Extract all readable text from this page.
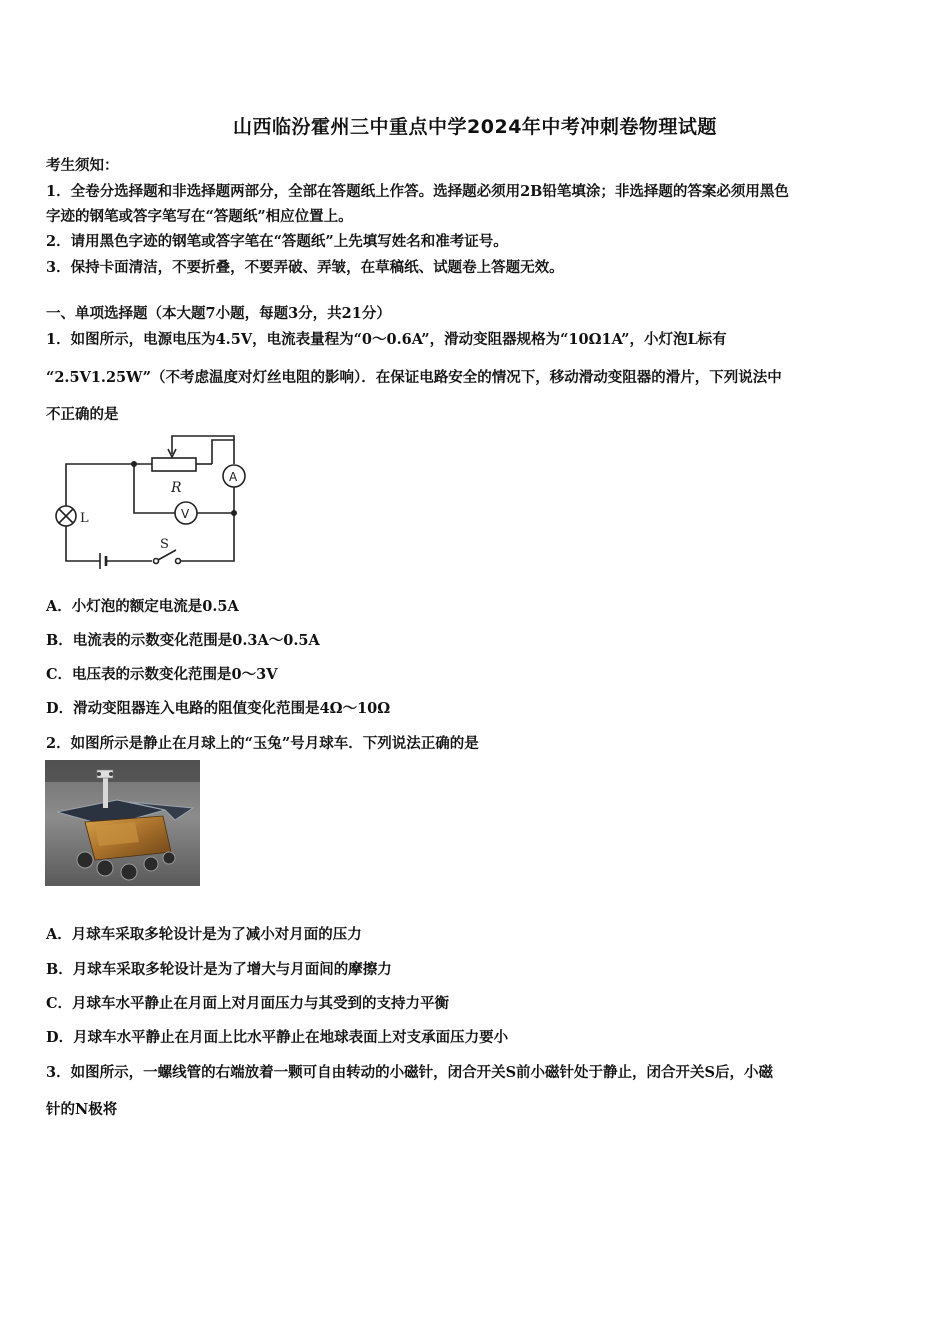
山西临汾霍州三中重点中学2024年中考冲刺卷物理试题
考生须知：
1．全卷分选择题和非选择题两部分，全部在答题纸上作答。选择题必须用2B铅笔填涂；非选择题的答案必须用黑色
字迹的钢笔或答字笔写在“答题纸”相应位置上。
2．请用黑色字迹的钢笔或答字笔在“答题纸”上先填写姓名和准考证号。
3．保持卡面清洁，不要折叠，不要弄破、弄皱，在草稿纸、试题卷上答题无效。
一、单项选择题（本大题7小题，每题3分，共21分）
1．如图所示，电源电压为4.5V，电流表量程为“0～0.6A”，滑动变阻器规格为“10Ω1A”，小灯泡L标有
“2.5V1.25W”（不考虑温度对灯丝电阻的影响）．在保证电路安全的情况下，移动滑动变阻器的滑片，下列说法中
不正确的是
R
A
V
L
S
A．小灯泡的额定电流是0.5A
B．电流表的示数变化范围是0.3A～0.5A
C．电压表的示数变化范围是0～3V
D．滑动变阻器连入电路的阻值变化范围是4Ω～10Ω
2．如图所示是静止在月球上的“玉兔”号月球车．下列说法正确的是
A．月球车采取多轮设计是为了减小对月面的压力
B．月球车采取多轮设计是为了增大与月面间的摩擦力
C．月球车水平静止在月面上对月面压力与其受到的支持力平衡
D．月球车水平静止在月面上比水平静止在地球表面上对支承面压力要小
3．如图所示，一螺线管的右端放着一颗可自由转动的小磁针，闭合开关S前小磁针处于静止，闭合开关S后，小磁
针的N极将
